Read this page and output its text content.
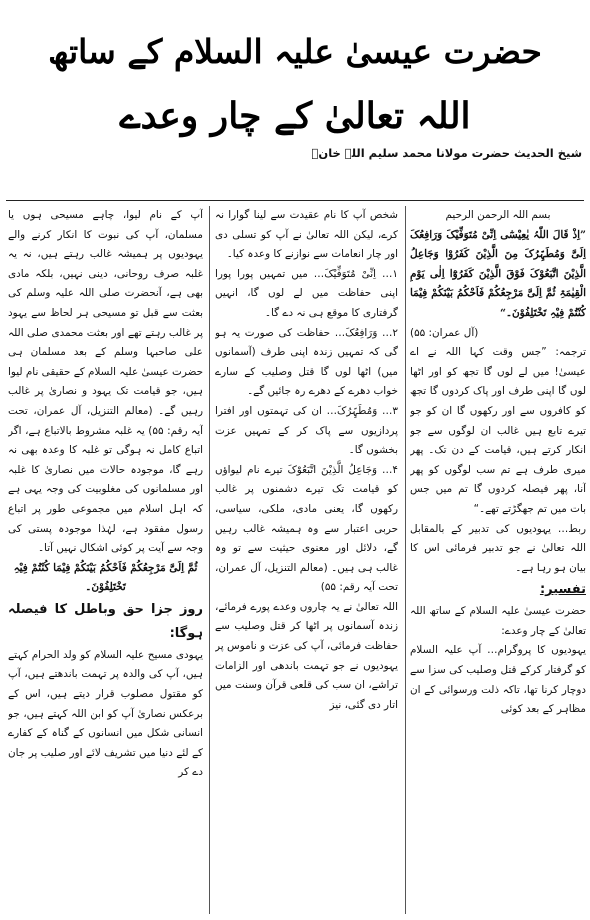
حضرت عیسیٰ علیہ السلام کے ساتھ
اللہ تعالیٰ کے چار وعدے
شیخ الحدیث حضرت مولانا محمد سلیم اللہ خانؒ

بسم اللہ الرحمن الرحیم

”اِذْ قَالَ اللّٰہُ یٰعِیْسٰٓی اِنِّیْ مُتَوَفِّیْکَ وَرَافِعُکَ اِلَیَّ وَمُطَہِّرُکَ مِنَ الَّذِیْنَ کَفَرُوْا وَجَاعِلُ الَّذِیْنَ اتَّبَعُوْکَ فَوْقَ الَّذِیْنَ کَفَرُوْٓا اِلٰی یَوْمِ الْقِیٰمَۃِ ثُمَّ اِلَیَّ مَرْجِعُکُمْ فَاَحْکُمُ بَیْنَکُمْ فِیْمَا کُنْتُمْ فِیْہِ تَخْتَلِفُوْنَ۔“

(آل عمران: ۵۵)

ترجمہ: ”جس وقت کہا اللہ نے اے عیسیٰ! میں لے لوں گا تجھ کو اور اٹھا لوں گا اپنی طرف اور پاک کردوں گا تجھ کو کافروں سے اور رکھوں گا ان کو جو تیرے تابع ہیں غالب ان لوگوں سے جو انکار کرتے ہیں، قیامت کے دن تک۔ پھر میری طرف ہے تم سب لوگوں کو پھر آنا، پھر فیصلہ کردوں گا تم میں جس بات میں تم جھگڑتے تھے۔“

ربط… یہودیوں کی تدبیر کے بالمقابل اللہ تعالیٰ نے جو تدبیر فرمائی اس کا بیان ہو رہا ہے۔

تفسیر:

حضرت عیسیٰ علیہ السلام کے ساتھ اللہ تعالیٰ کے چار وعدے:

یہودیوں کا پروگرام… آپ علیہ السلام کو گرفتار کرکے قتل وصلیب کی سزا سے دوچار کرنا تھا، تاکہ ذلت ورسوائی کے ان مظاہر کے بعد کوئی

شخص آپ کا نام عقیدت سے لینا گوارا نہ کرے، لیکن اللہ تعالیٰ نے آپ کو تسلی دی اور چار انعامات سے نوازنے کا وعدہ کیا۔

۱… اِنِّیْ مُتَوَفِّیْکَ… میں تمہیں پورا پورا اپنی حفاظت میں لے لوں گا، انہیں گرفتاری کا موقع ہی نہ دے گا۔

۲… وَرَافِعُکَ… حفاظت کی صورت یہ ہو گی کہ تمہیں زندہ اپنی طرف (آسمانوں میں) اٹھا لوں گا قتل وصلیب کے سارے خواب دھرے کے دھرے رہ جائیں گے۔

۳… وَمُطَہِّرُکَ… ان کی تہمتوں اور افترا پردازیوں سے پاک کر کے تمہیں عزت بخشوں گا۔

۴… وَجَاعِلُ الَّذِیْنَ اتَّبَعُوْکَ تیرے نام لیواؤں کو قیامت تک تیرے دشمنوں پر غالب رکھوں گا، یعنی مادی، ملکی، سیاسی، حربی اعتبار سے وہ ہمیشہ غالب رہیں گے، دلائل اور معنوی حیثیت سے تو وہ غالب ہی ہیں۔ (معالم التنزیل، آل عمران، تحت آیہ رقم: ۵۵)

اللہ تعالیٰ نے یہ چاروں وعدے پورے فرمائے، زندہ آسمانوں پر اٹھا کر قتل وصلیب سے حفاظت فرمائی، آپ کی عزت و ناموس پر یہودیوں نے جو تہمت باندھی اور الزامات تراشے، ان سب کی قلعی قرآن وسنت میں اتار دی گئی، نیز

آپ کے نام لیوا، چاہے مسیحی ہوں یا مسلمان، آپ کی نبوت کا انکار کرنے والے یہودیوں پر ہمیشہ غالب رہتے ہیں، نہ یہ غلبہ صرف روحانی، دینی نہیں، بلکہ مادی بھی ہے، آنحضرت صلی اللہ علیہ وسلم کی بعثت سے قبل تو مسیحی ہر لحاظ سے یہود پر غالب رہتے تھے اور بعثت محمدی صلی اللہ علی صاحبہا وسلم کے بعد مسلمان ہی حضرت عیسیٰ علیہ السلام کے حقیقی نام لیوا ہیں، جو قیامت تک یہود و نصاریٰ پر غالب رہیں گے۔ (معالم التنزیل، آل عمران، تحت آیہ رقم: ۵۵) یہ غلبہ مشروط بالاتباع ہے، اگر اتباع کامل نہ ہوگی تو غلبہ کا وعدہ بھی نہ رہے گا، موجودہ حالات میں نصاریٰ کا غلبہ اور مسلمانوں کی مغلوبیت کی وجہ یہی ہے کہ اہل اسلام میں مجموعی طور پر اتباع رسول مفقود ہے، لہٰذا موجودہ پستی کی وجہ سے آیت پر کوئی اشکال نہیں آتا۔

ثُمَّ اِلَیَّ مَرْجِعُکُمْ فَاَحْکُمُ بَیْنَکُمْ فِیْمَا کُنْتُمْ فِیْہِ تَخْتَلِفُوْنَ۔

روز جزا حق وباطل کا فیصلہ ہوگا:

یہودی مسیح علیہ السلام کو ولد الحرام کہتے ہیں، آپ کی والدہ پر تہمت باندھتے ہیں، آپ کو مقتول مصلوب قرار دیتے ہیں، اس کے برعکس نصاریٰ آپ کو ابن اللہ کہتے ہیں، جو انسانی شکل میں انسانوں کے گناہ کے کفارے کے لئے دنیا میں تشریف لائے اور صلیب پر جان دے کر
